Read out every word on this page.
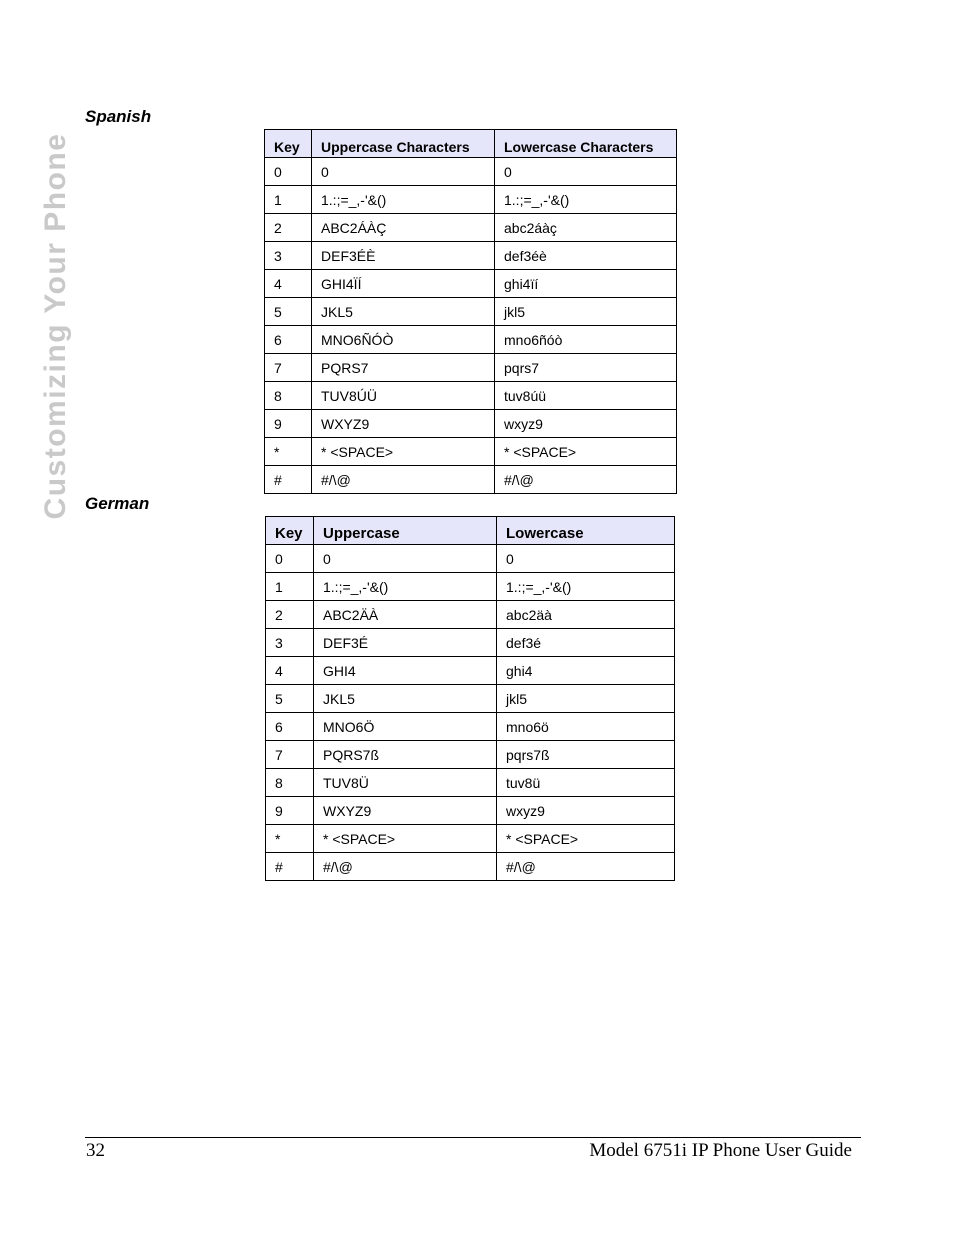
Customizing Your Phone
Spanish
Key	Uppercase Characters	Lowercase Characters
0	0	0
1	1.:;=_,-'&()	1.:;=_,-'&()
2	ABC2ÁÀÇ	abc2áàç
3	DEF3ÉÈ	def3éè
4	GHI4ÏÍ	ghi4ïí
5	JKL5	jkl5
6	MNO6ÑÓÒ	mno6ñóò
7	PQRS7	pqrs7
8	TUV8ÚÜ	tuv8úü
9	WXYZ9	wxyz9
*	* <SPACE>	* <SPACE>
#	#/\@	#/\@
German
Key	Uppercase	Lowercase
0	0	0
1	1.:;=_,-'&()	1.:;=_,-'&()
2	ABC2ÄÀ	abc2äà
3	DEF3É	def3é
4	GHI4	ghi4
5	JKL5	jkl5
6	MNO6Ö	mno6ö
7	PQRS7ß	pqrs7ß
8	TUV8Ü	tuv8ü
9	WXYZ9	wxyz9
*	* <SPACE>	* <SPACE>
#	#/\@	#/\@
32	Model 6751i IP Phone User Guide
